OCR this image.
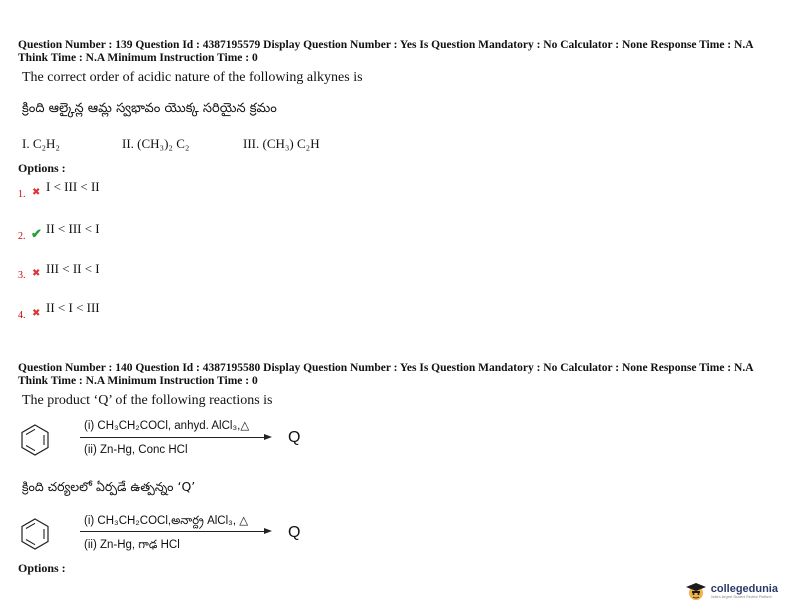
Question Number : 139 Question Id : 4387195579 Display Question Number : Yes Is Question Mandatory : No Calculator : None Response Time : N.A Think Time : N.A Minimum Instruction Time : 0
The correct order of acidic nature of the following alkynes is
క్రింది ఆల్కైన్ల ఆమ్ల స్వభావం యొక్క సరియైన క్రమం
I. C₂H₂	II. (CH₃)₂ C₂	III. (CH₃) C₂H
Options :
1. ✖ I < III < II
2. ✔ II < III < I
3. ✖ III < II < I
4. ✖ II < I < III
Question Number : 140 Question Id : 4387195580 Display Question Number : Yes Is Question Mandatory : No Calculator : None Response Time : N.A Think Time : N.A Minimum Instruction Time : 0
The product ‘Q’ of the following reactions is
(i) CH₃CH₂COCl, anhyd. AlCl₃,△
(ii) Zn-Hg, Conc HCl
Q
క్రింది చర్యలలో ఏర్పడే ఉత్పన్నం ‘Q’
(i) CH₃CH₂COCl,అనార్ద్ర AlCl₃, △
(ii) Zn-Hg, గాఢ HCl
Q
Options :
collegedunia
India's largest Student Review Platform
